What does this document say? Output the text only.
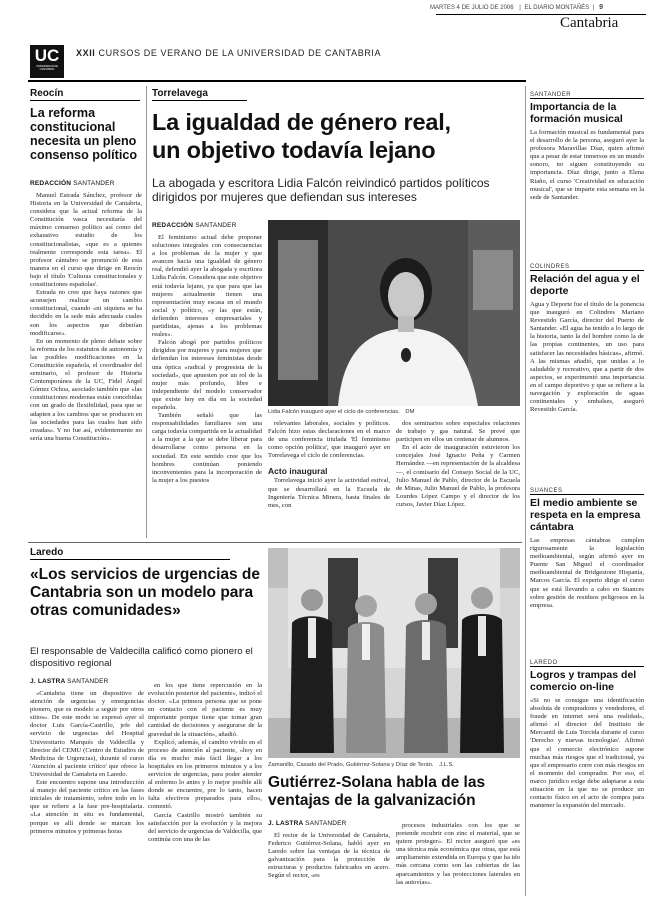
MARTES 4 DE JULIO DE 2006 | EL DIARIO MONTAÑÉS | 9
Cantabria
UC
UNIVERSIDAD DE CANTABRIA
XXII CURSOS DE VERANO DE LA UNIVERSIDAD DE CANTABRIA
Reocín
La reforma constitucional necesita un pleno consenso político
REDACCIÓN SANTANDER

Manuel Estrada Sánchez, profesor de Historia en la Universidad de Cantabria, considera que la actual reforma de la Constitución vasca necesitaría del máximo consenso político así como del exhaustivo estudio de los constitucionalistas, «que es a quienes realmente corresponde esta tarea». El profesor cántabro se pronunció de esta manera en el curso que dirige en Reocín bajo el título 'Culturas constitucionales y constituciones españolas'.

Estrada no cree que haya razones que aconsejen realizar un cambio constitucional, cuando «ni siquiera se ha decidido en la sede más adecuada cuales son los aspectos que deberían modificarse».

En un momento de pleno debate sobre la reforma de los estatutos de autonomía y las posibles modificaciones en la Constitución española, el coordinador del seminario, el profesor de Historia Contemporánea de la UC, Fidel Ángel Gómez Ochoa, asociado también que «las constituciones modernas están concebidas con un grado de flexibilidad, para que se adapten a los cambios que se producen en las sociedades para las cuales han sido creadas». Y no fue así, evidentemente no sería una buena Constitución».

Torrelavega
La igualdad de género real,
un objetivo todavía lejano
La abogada y escritora Lidia Falcón reivindicó partidos políticos dirigidos por mujeres que defiendan sus intereses
REDACCIÓN SANTANDER

El feminismo actual debe proponer soluciones integrales con consecuencias a los problemas de la mujer y que avancen hacia una igualdad de género real, defendió ayer la abogada y escritora Lidia Falcón. Considera que este objetivo está todavía lejano, ya que para que las mujeres actualmente tienen una representación muy escasa en el mundo social y político, «y las que están, defienden intereses empresariales y partidistas, ajenas a los problemas reales».

Falcón abogó por partidos políticos dirigidos por mujeres y para mujeres que defiendan los intereses feministas desde una óptica «radical y progresista de la sociedad», que apuesten por un rol de la mujer más profundo, libre e independiente del modelo conservador que existe hoy en día en la sociedad española.

También señaló que las responsabilidades familiares son una carga todavía compartida en la actualidad a la mujer a la que se debe liberar para desarrollarse como persona en la sociedad. En este sentido cree que los hombres continúan poniendo inconvenientes para la incorporación de la mujer a los puestos

Lidia Falcón inauguró ayer el ciclo de conferencias. DM

relevantes laborales, sociales y políticos. Falcón hizo estas declaraciones en el marco de una conferencia titulada 'El feminismo como opción política', que inauguró ayer en Torrelavega el ciclo de conferencias.

Acto inaugural

Torrelavega inició ayer la actividad estival, que se desarrollará en la Escuela de Ingeniería Técnica Minera, hasta finales de mes, con

dos seminarios sobre especiales relaciones de trabajo y gas natural. Se prevé que participen en ellos un centenar de alumnos.

En el acto de inauguración estuvieron los concejales José Ignacio Peña y Carmen Hernández —en representación de la alcaldesa—, el comisario del Consejo Social de la UC, Julio Manuel de Pablo, director de la Escuela de Minas, Julio Manuel de Pablo, la profesora Lourdes López Campo y el director de los cursos, Javier Díaz López.

SANTANDER
Importancia de la formación musical
La formación musical es fundamental para el desarrollo de la persona, aseguró ayer la profesora Maravillas Díaz, quien afirmó que a pesar de estar inmersos en un mundo sonoro, no siguen constituyendo su importancia. Díaz dirige, junto a Elena Riaño, el curso 'Creatividad en educación musical', que se imparte esta semana en la sede de Santander.
COLINDRES
Relación del agua y el deporte
Agua y Deporte fue el título de la ponencia que inauguró en Colindres Mariano Revestido García, director del Puerto de Santander. «El agua ha tenido a lo largo de la historia, tanto la del hombre como la de las propias continentes, un uso para satisfacer las necesidades básicas», afirmó. A las mismas añadió, que unidas a lo saludable y recreativo, que a partir de dos aspectos, se experimentó una importancia en el campo deportivo y que se refiere a la navegación y exploración de aguas continentales y embalses, aseguró Revestido García.
SUANCES
El medio ambiente se respeta en la empresa cántabra
Las empresas cántabras cumplen rigurosamente la legislación medioambiental, según afirmó ayer en Puente San Miguel el coordinador medioambiental de Bridgestone Hispania, Marcos García. El experto dirige el curso que se está llevando a cabo en Suances sobre gestión de residuos peligrosos en la empresa.
LAREDO
Logros y trampas del comercio on-line
«Si no se consigue una identificación absoluta de compradores y vendedores, el fraude en internet será una realidad», afirmó el director del Instituto de Mercantil de Luis Torcida durante el curso 'Derecho y nuevas tecnologías'. Afirmó que el comercio electrónico supone muchas más riesgos que el tradicional, ya que el empresario corre con más riesgos en el momento del comprador. Por eso, el marco jurídico exige debe adaptarse a esta situación en la que no se produce un contacto físico en el acto de compra para mantener la expansión del mercado.
Laredo
«Los servicios de urgencias de Cantabria son un modelo para otras comunidades»
El responsable de Valdecilla calificó como pionero el dispositivo regional
J. LASTRA SANTANDER

«Cantabria tiene un dispositivo de atención de urgencias y emergencias pionero, que es modelo a seguir por otros sitios». De este modo se expresó ayer el doctor Luis García-Castrillo, jefe del servicio de urgencias del Hospital Universitario Marqués de Valdecilla y director del CEMU (Centro de Estudios de Medicina de Urgencias), durante el curso 'Atención al paciente crítico' que ofrece la Universidad de Cantabria en Laredo.

Este encuentro supone una introducción al manejo del paciente crítico en las fases iniciales de tratamiento, sobre todo en lo que se refiere a la fase pre-hospitalaria. «La atención in situ es fundamental, porque es allí donde se marcan los primeros minutos y primeras horas

en los que tiene repercusión en la evolución posterior del paciente», indicó el doctor. «La primera persona que se pone en contacto con el paciente es muy importante porque tiene que tomar gran cantidad de decisiones y asegurarse de la gravedad de la situación», añadió.

Explicó, además, el cambio vivido en el proceso de atención al paciente, «hoy en día es mucho más fácil llegar a los hospitales en los primeros minutos y a los servicios de urgencias, para poder atender al enfermo lo antes y lo mejor posible allí donde se encuentre, por lo tanto, hacen falta efectivos preparados para ello», comentó.

García Castrillo mostró también su satisfacción por la evolución y la mejora del servicio de urgencias de Valdecilla, que continúa con una de las

Zamanillo, Casado del Prado, Gutiérrez-Solana y Díaz de Terán. J.L.S.
Gutiérrez-Solana habla de las ventajas de la galvanización
J. LASTRA SANTANDER

El rector de la Universidad de Cantabria, Federico Gutiérrez-Solana, habló ayer en Laredo sobre las ventajas de la técnica de galvanización para la protección de estructuras y productos fabricados en acero. Según el rector, «es

procesos industriales con los que se pretende recubrir con zinc el material, que se quiere proteger». El rector aseguró que «es una técnica más económica que otras, que está ampliamente extendida en Europa y que ha ido más cercana como son las cubiertas de las aparcamientos y las protecciones laterales en las autovías».
